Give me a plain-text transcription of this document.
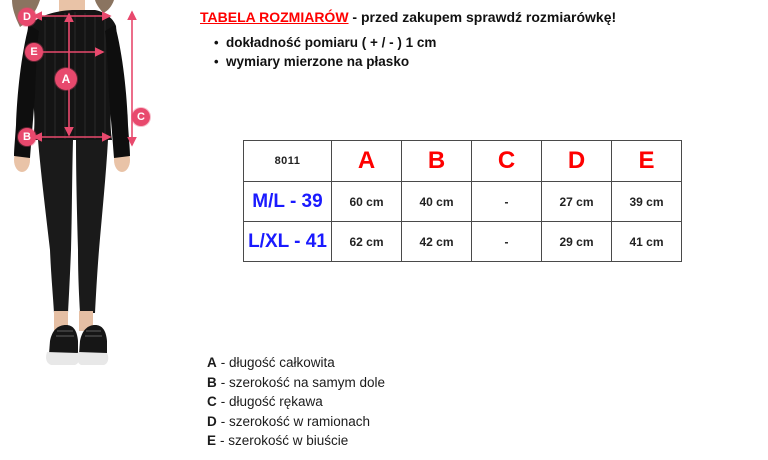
D
E
A
B
C
TABELA ROZMIARÓW - przed zakupem sprawdź rozmiarówkę!
• dokładność pomiaru ( + / - ) 1 cm
• wymiary mierzone na płasko
8011	A	B	C	D	E
M/L - 39	60 cm	40 cm	-	27 cm	39 cm
L/XL - 41	62 cm	42 cm	-	29 cm	41 cm
A - długość całkowita
B - szerokość na samym dole
C - długość rękawa
D - szerokość w ramionach
E - szerokość w biuście
